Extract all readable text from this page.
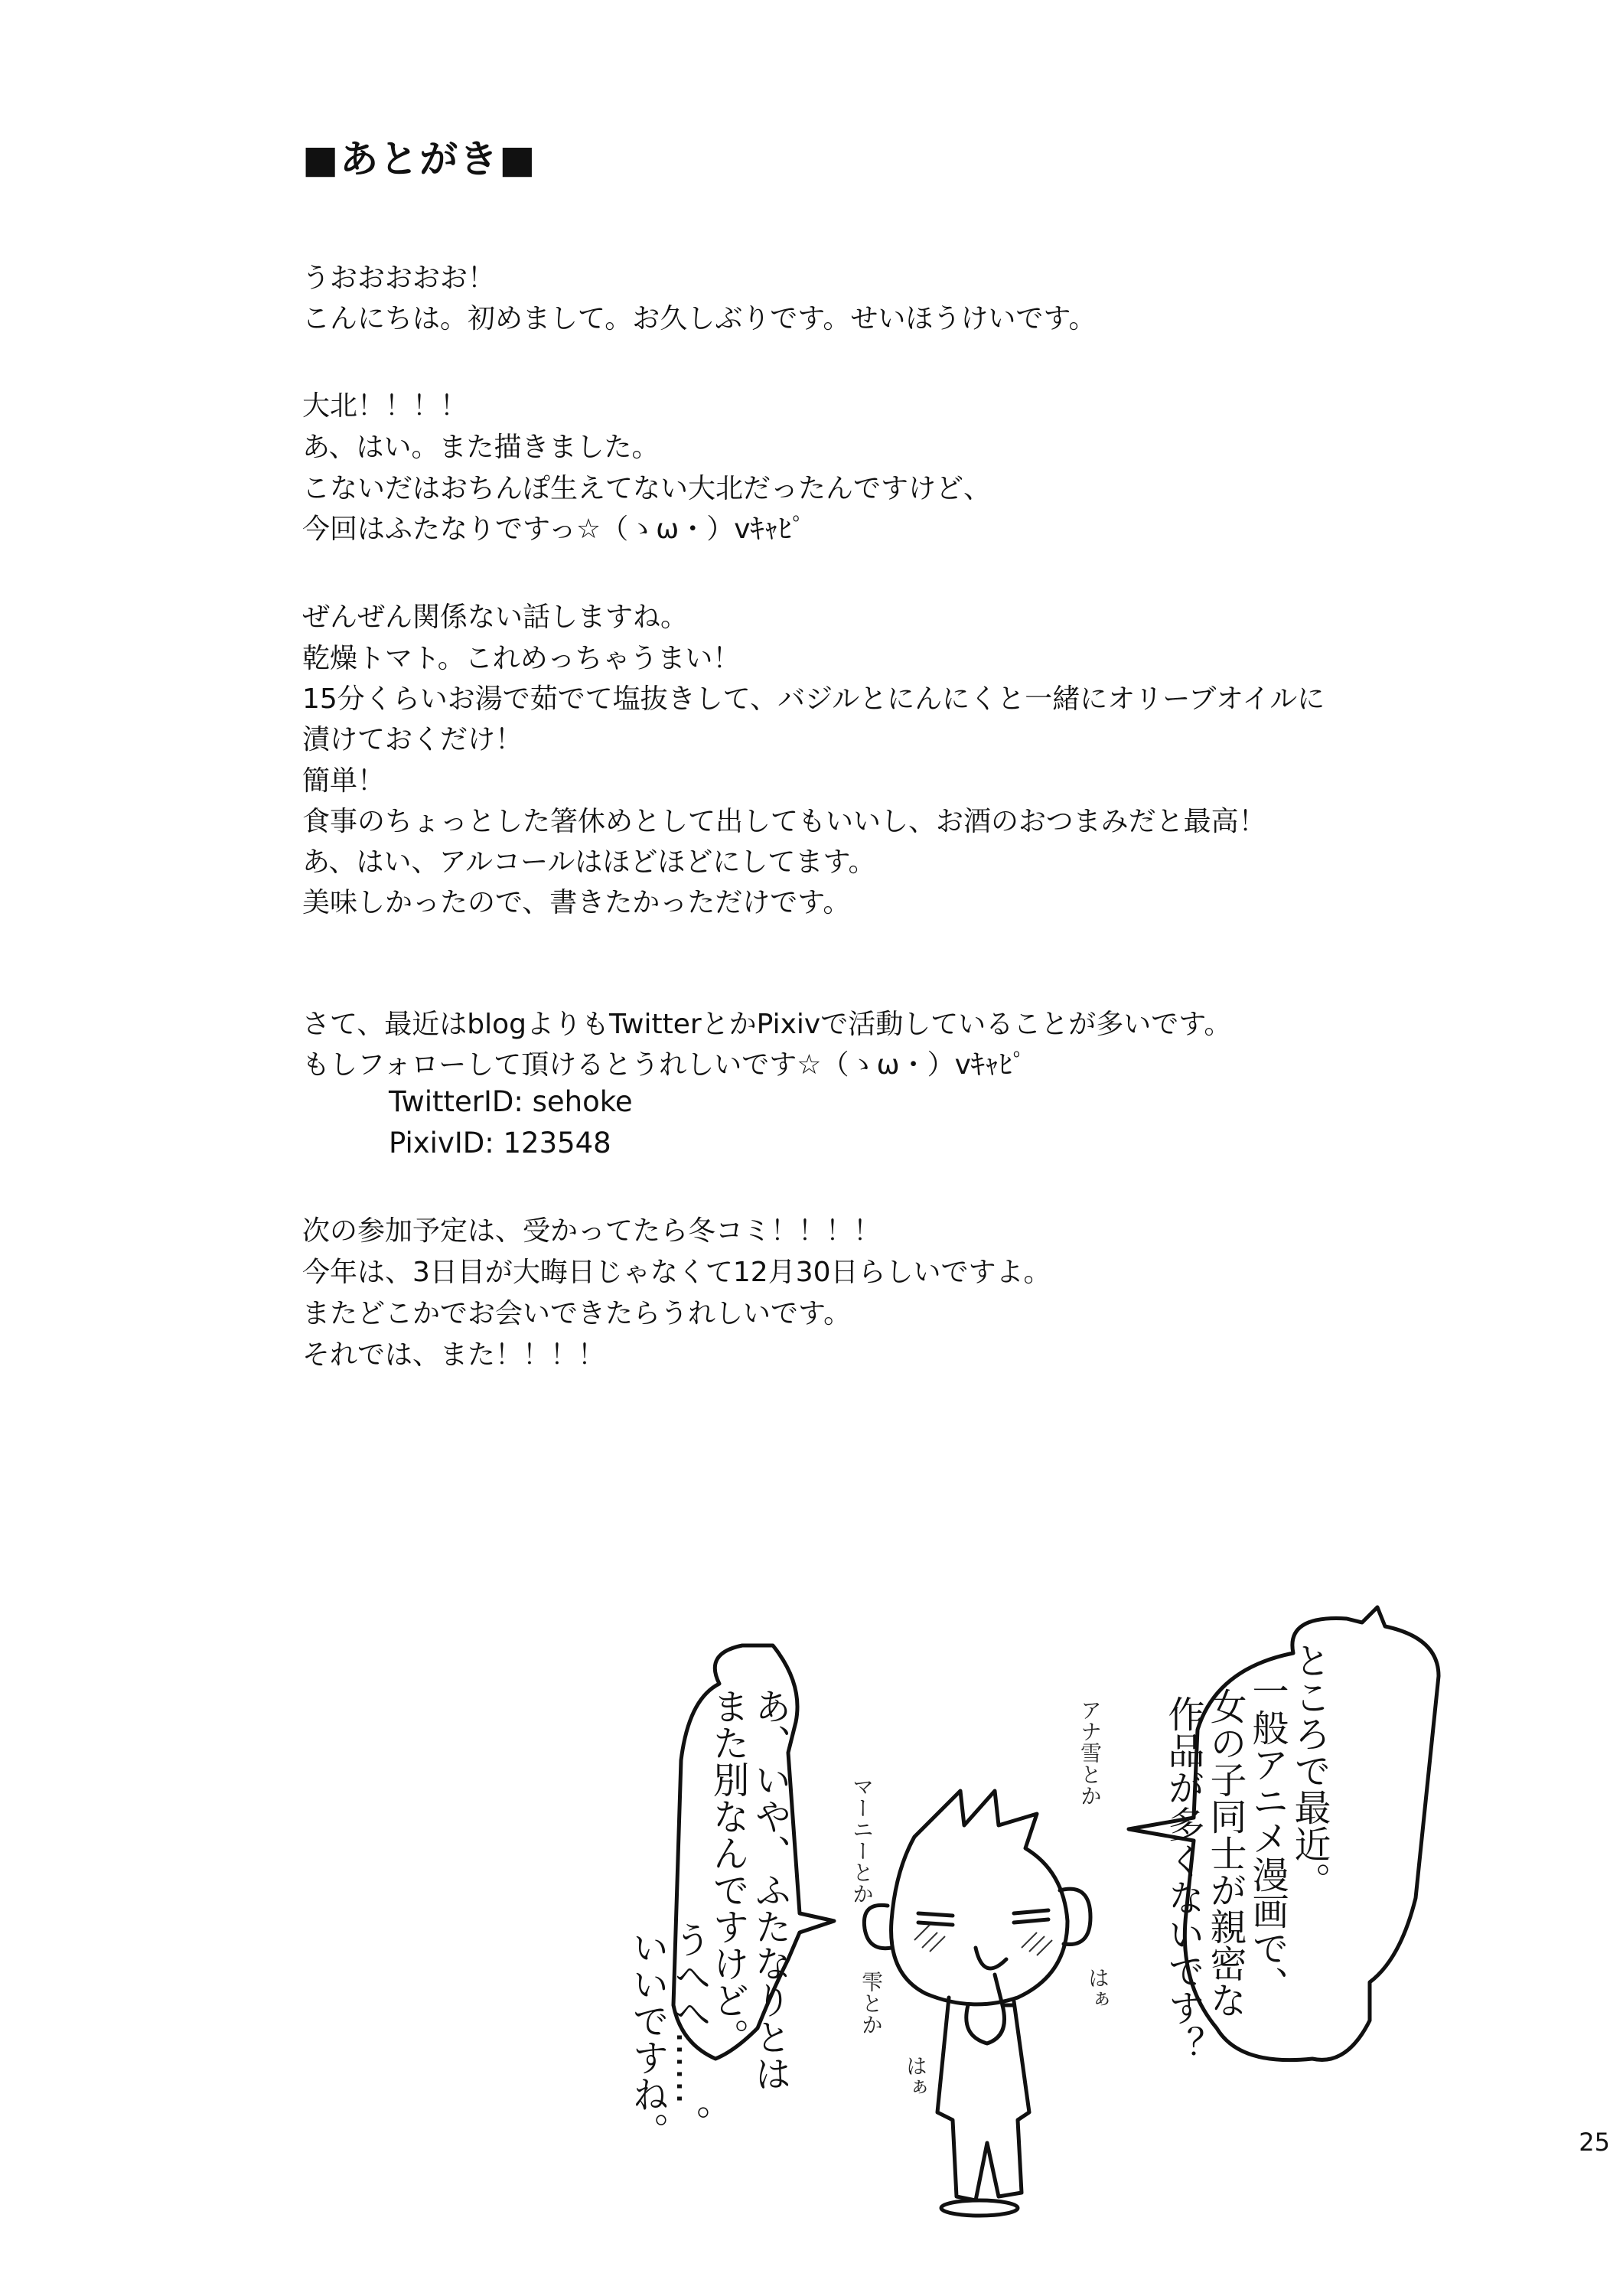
■あとがき■

うおおおおお！

こんにちは。初めまして。お久しぶりです。せいほうけいです。

大北！！！！

あ、はい。また描きました。

こないだはおちんぽ生えてない大北だったんですけど、

今回はふたなりですっ☆（ゝω・）vｷｬﾋﾟ

ぜんぜん関係ない話しますね。

乾燥トマト。これめっちゃうまい！

15分くらいお湯で茹でて塩抜きして、バジルとにんにくと一緒にオリーブオイルに

漬けておくだけ！

簡単！

食事のちょっとした箸休めとして出してもいいし、お酒のおつまみだと最高！

あ、はい、アルコールはほどほどにしてます。

美味しかったので、書きたかっただけです。

さて、最近はblogよりもTwitterとかPixivで活動していることが多いです。

もしフォローして頂けるとうれしいです☆（ゝω・）vｷｬﾋﾟ

TwitterID: sehoke

PixivID: 123548

次の参加予定は、受かってたら冬コミ！！！！

今年は、3日目が大晦日じゃなくて12月30日らしいですよ。

またどこかでお会いできたらうれしいです。

それでは、また！！！！

ところで最近。

一般アニメ漫画で、

女の子同士が親密な

作品が多くないです？

あ、いや、ふたなりとは

また別なんですけど。

うへへ……。

いいですね。

アナ雪とか

マーニーとか

雫とか	はぁ

はぁ

25
